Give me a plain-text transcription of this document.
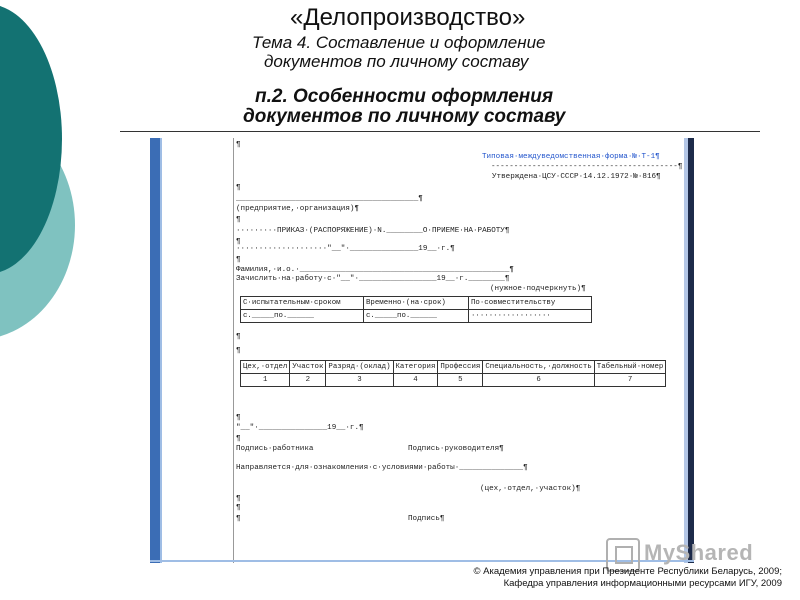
«Делопроизводство»
Тема 4. Составление и оформление
документов по личному составу
п.2. Особенности оформления
документов по личному составу
¶
Типовая·междуведомственная·форма·№·Т-1¶
-----------------------------------------¶
Утверждена·ЦСУ·СССР·14.12.1972·№·816¶
¶
________________________________________¶
(предприятие,·организация)¶
¶
·········ПРИКАЗ·(РАСПОРЯЖЕНИЕ)·N.________О·ПРИЕМЕ·НА·РАБОТУ¶
¶
····················"__"·_______________19__·г.¶
¶
Фамилия,·и.о.·______________________________________________¶
Зачислить·на·работу·с·"__"·_________________19__·г.________¶
(нужное·подчеркнуть)¶
¶
¶
¶
"__"·_______________19__·г.¶
¶
Подпись·работника	Подпись·руководителя¶
Направляется·для·ознакомления·с·условиями·работы·______________¶
(цех,·отдел,·участок)¶
¶
¶
¶	Подпись¶
С·испытательным·сроком	Временно·(на·срок)	По·совместительству
с._____по.______	с._____по.______	··················
Цех,·отдел	Участок	Разряд·(оклад)	Категория	Профессия	Специальность,·должность	Табельный·номер
1	2	3	4	5	6	7
MyShared
© Академия управления при Президенте Республики Беларусь, 2009;
Кафедра управления информационными ресурсами ИГУ, 2009
